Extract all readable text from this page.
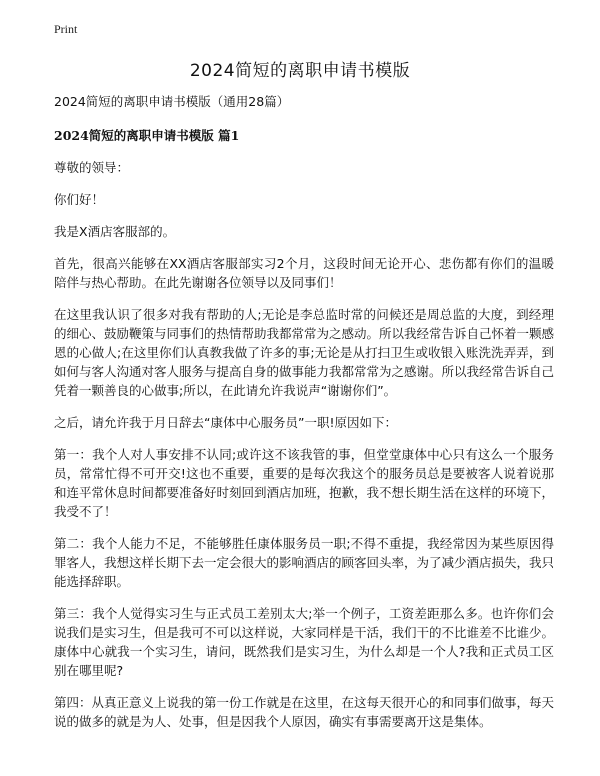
Print
2024简短的离职申请书模版

2024简短的离职申请书模版（通用28篇）

2024简短的离职申请书模版 篇1

尊敬的领导：

你们好！

我是X酒店客服部的。

首先，很高兴能够在XX酒店客服部实习2个月，这段时间无论开心、悲伤都有你们的温暖陪伴与热心帮助。在此先谢谢各位领导以及同事们！

在这里我认识了很多对我有帮助的人;无论是李总监时常的问候还是周总监的大度，到经理的细心、鼓励鞭策与同事们的热情帮助我都常常为之感动。所以我经常告诉自己怀着一颗感恩的心做人;在这里你们认真教我做了许多的事;无论是从打扫卫生或收银入账洗洗弄弄，到如何与客人沟通对客人服务与提高自身的做事能力我都常常为之感谢。所以我经常告诉自己凭着一颗善良的心做事;所以，在此请允许我说声“谢谢你们”。

之后，请允许我于月日辞去“康体中心服务员”一职!原因如下：

第一：我个人对人事安排不认同;或许这不该我管的事，但堂堂康体中心只有这么一个服务员，常常忙得不可开交!这也不重要，重要的是每次我这个的服务员总是要被客人说着说那和连平常休息时间都要准备好时刻回到酒店加班，抱歉，我不想长期生活在这样的环境下，我受不了！

第二：我个人能力不足，不能够胜任康体服务员一职;不得不重提，我经常因为某些原因得罪客人，我想这样长期下去一定会很大的影响酒店的顾客回头率，为了减少酒店损失，我只能选择辞职。

第三：我个人觉得实习生与正式员工差别太大;举一个例子，工资差距那么多。也许你们会说我们是实习生，但是我可不可以这样说，大家同样是干活，我们干的不比谁差不比谁少。康体中心就我一个实习生，请问，既然我们是实习生，为什么却是一个人?我和正式员工区别在哪里呢?

第四：从真正意义上说我的第一份工作就是在这里，在这每天很开心的和同事们做事，每天说的做多的就是为人、处事，但是因我个人原因，确实有事需要离开这是集体。
